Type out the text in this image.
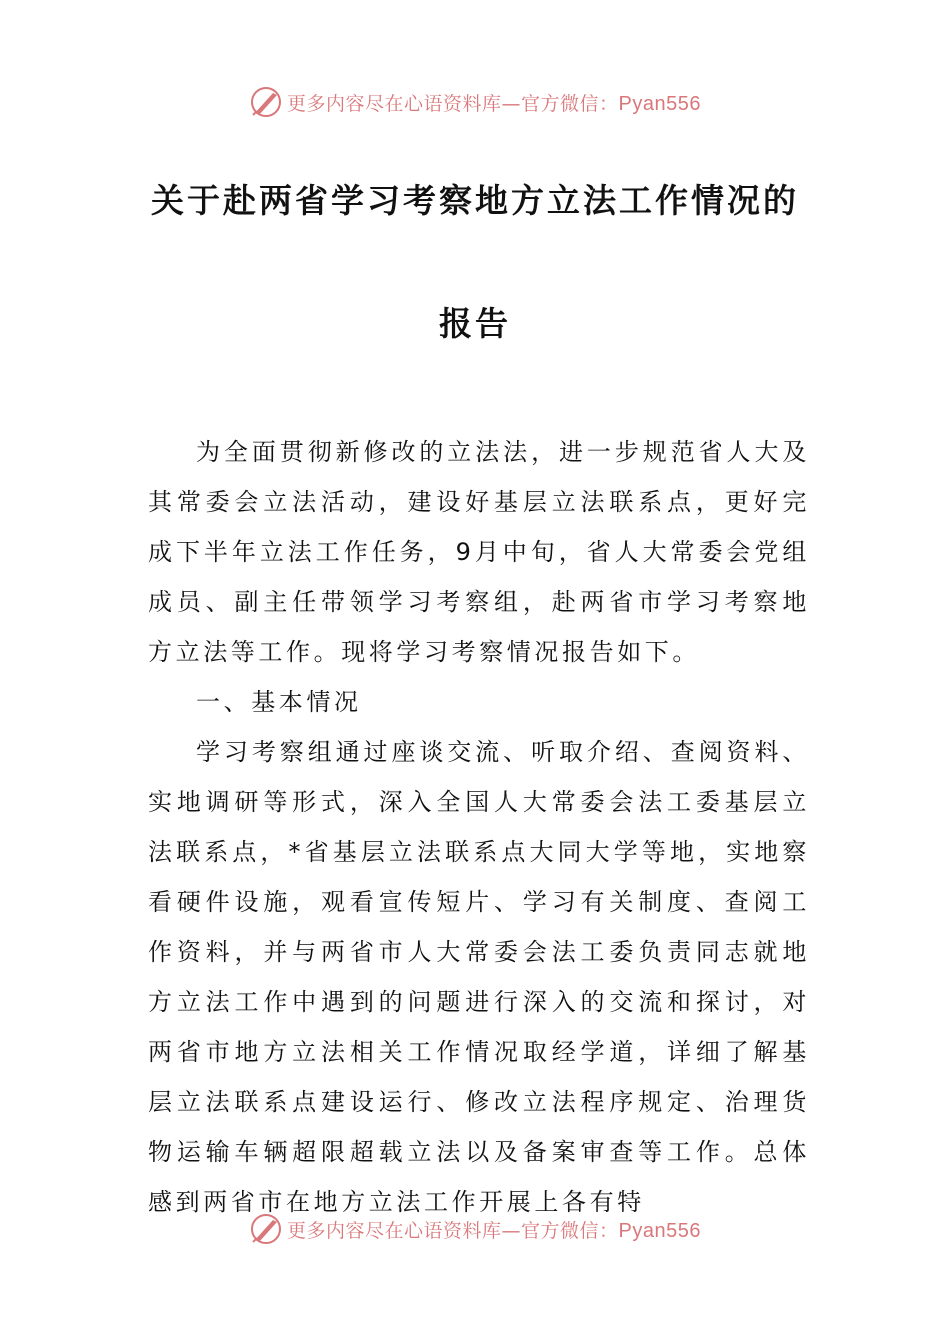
更多内容尽在心语资料库—官方微信：Pyan556
关于赴两省学习考察地方立法工作情况的
报告

为全面贯彻新修改的立法法，进一步规范省人大及其常委会立法活动，建设好基层立法联系点，更好完成下半年立法工作任务，9月中旬，省人大常委会党组成员、副主任带领学习考察组，赴两省市学习考察地方立法等工作。现将学习考察情况报告如下。

一、基本情况

学习考察组通过座谈交流、听取介绍、查阅资料、实地调研等形式，深入全国人大常委会法工委基层立法联系点，*省基层立法联系点大同大学等地，实地察看硬件设施，观看宣传短片、学习有关制度、查阅工作资料，并与两省市人大常委会法工委负责同志就地方立法工作中遇到的问题进行深入的交流和探讨，对两省市地方立法相关工作情况取经学道，详细了解基层立法联系点建设运行、修改立法程序规定、治理货物运输车辆超限超载立法以及备案审查等工作。总体感到两省市在地方立法工作开展上各有特

更多内容尽在心语资料库—官方微信：Pyan556
